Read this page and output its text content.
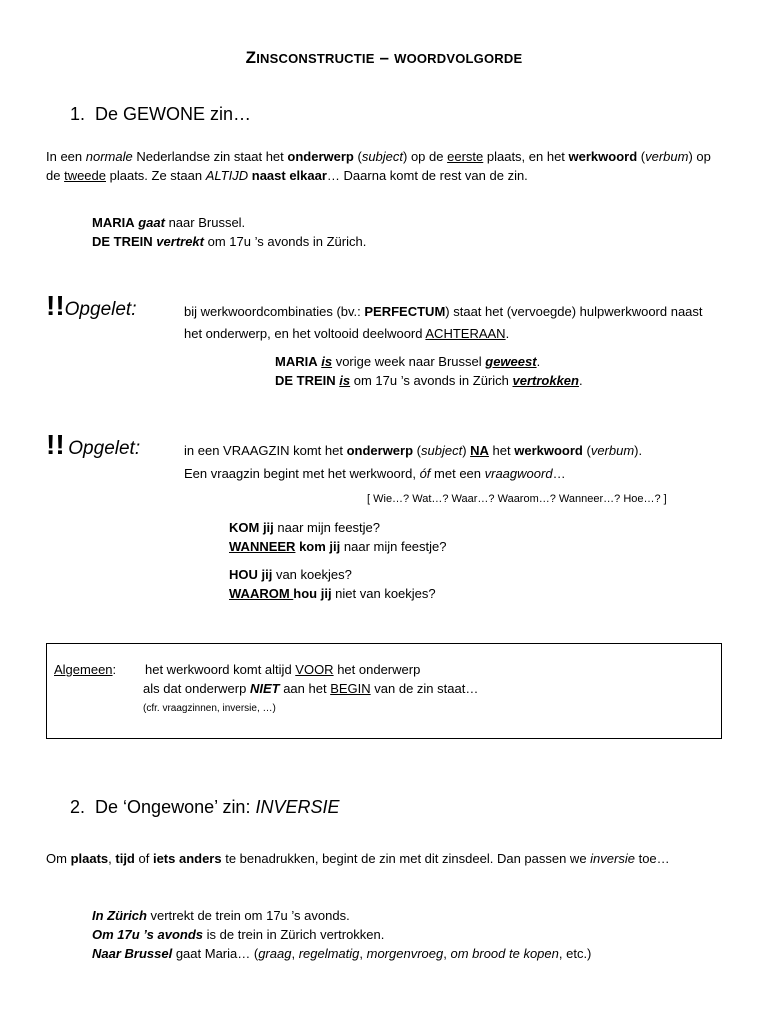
ZINSCONSTRUCTIE – WOORDVOLGORDE
1. De GEWONE zin…
In een normale Nederlandse zin staat het onderwerp (subject) op de eerste plaats, en het werkwoord (verbum) op
de tweede plaats. Ze staan ALTIJD naast elkaar… Daarna komt de rest van de zin.
MARIA gaat naar Brussel.
DE TREIN vertrekt om 17u ’s avonds in Zürich.
!!Opgelet:	bij werkwoordcombinaties (bv.: PERFECTUM) staat het (vervoegde) hulpwerkwoord naast
het onderwerp, en het voltooid deelwoord ACHTERAAN.
MARIA is vorige week naar Brussel geweest.
DE TREIN is om 17u ’s avonds in Zürich vertrokken.
!! Opgelet:	in een VRAAGZIN komt het onderwerp (subject) NA het werkwoord (verbum).
Een vraagzin begint met het werkwoord, óf met een vraagwoord…
[ Wie…? Wat…? Waar…? Waarom…? Wanneer…? Hoe…? ]
KOM jij naar mijn feestje?
WANNEER kom jij naar mijn feestje?
HOU jij van koekjes?
WAAROM hou jij niet van koekjes?
Algemeen: het werkwoord komt altijd VOOR het onderwerp
als dat onderwerp NIET aan het BEGIN van de zin staat…
(cfr. vraagzinnen, inversie, …)
2. De ‘Ongewone’ zin: INVERSIE
Om plaats, tijd of iets anders te benadrukken, begint de zin met dit zinsdeel. Dan passen we inversie toe…
In Zürich vertrekt de trein om 17u ’s avonds.
Om 17u ’s avonds is de trein in Zürich vertrokken.
Naar Brussel gaat Maria… (graag, regelmatig, morgenvroeg, om brood te kopen, etc.)
